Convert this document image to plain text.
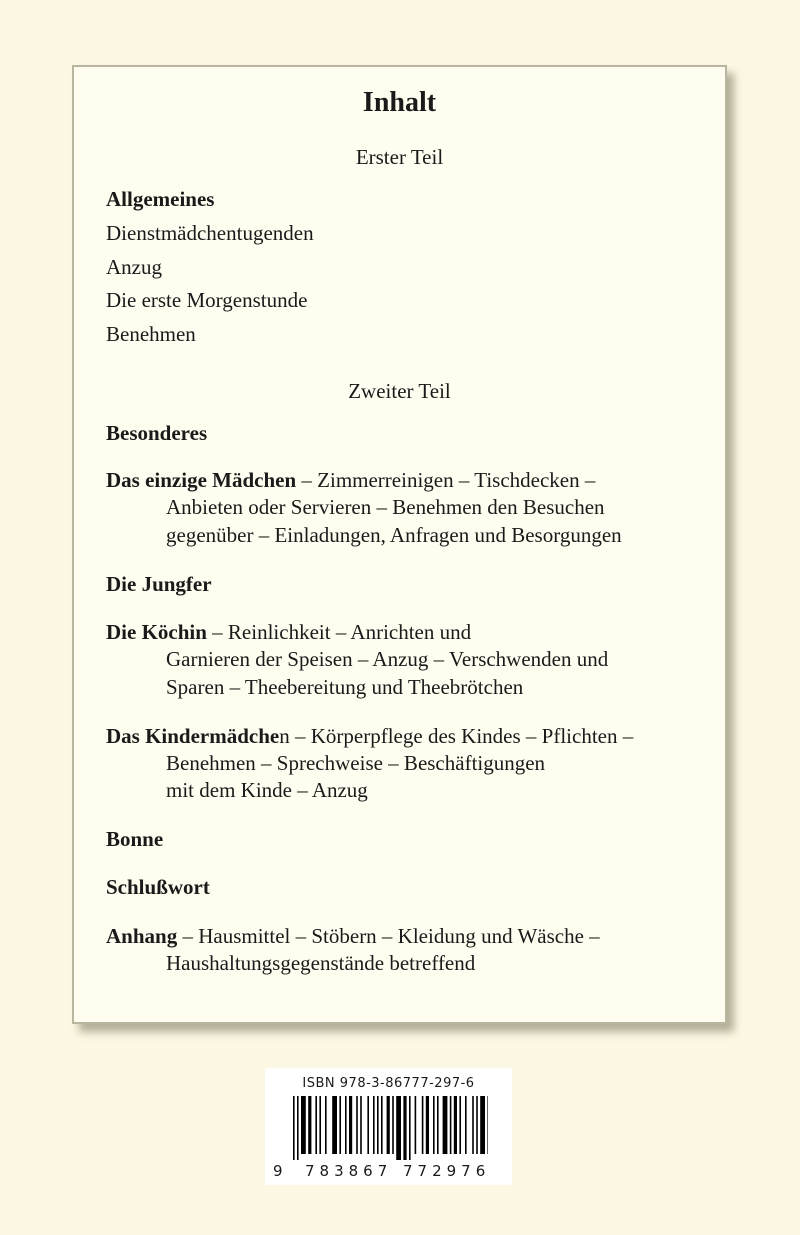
Inhalt
Erster Teil
Allgemeines
Dienstmädchentugenden
Anzug
Die erste Morgenstunde
Benehmen
Zweiter Teil
Besonderes
Das einzige Mädchen – Zimmerreinigen – Tischdecken –
Anbieten oder Servieren – Benehmen den Besuchen
gegenüber – Einladungen, Anfragen und Besorgungen
Die Jungfer
Die Köchin – Reinlichkeit – Anrichten und
Garnieren der Speisen – Anzug – Verschwenden und
Sparen – Theebereitung und Theebrötchen
Das Kindermädchen – Körperpflege des Kindes – Pflichten –
Benehmen – Sprechweise – Beschäftigungen
mit dem Kinde – Anzug
Bonne
Schlußwort
Anhang – Hausmittel – Stöbern – Kleidung und Wäsche –
Haushaltungsgegenstände betreffend
ISBN 978-3-86777-297-6
9 783867 772976
